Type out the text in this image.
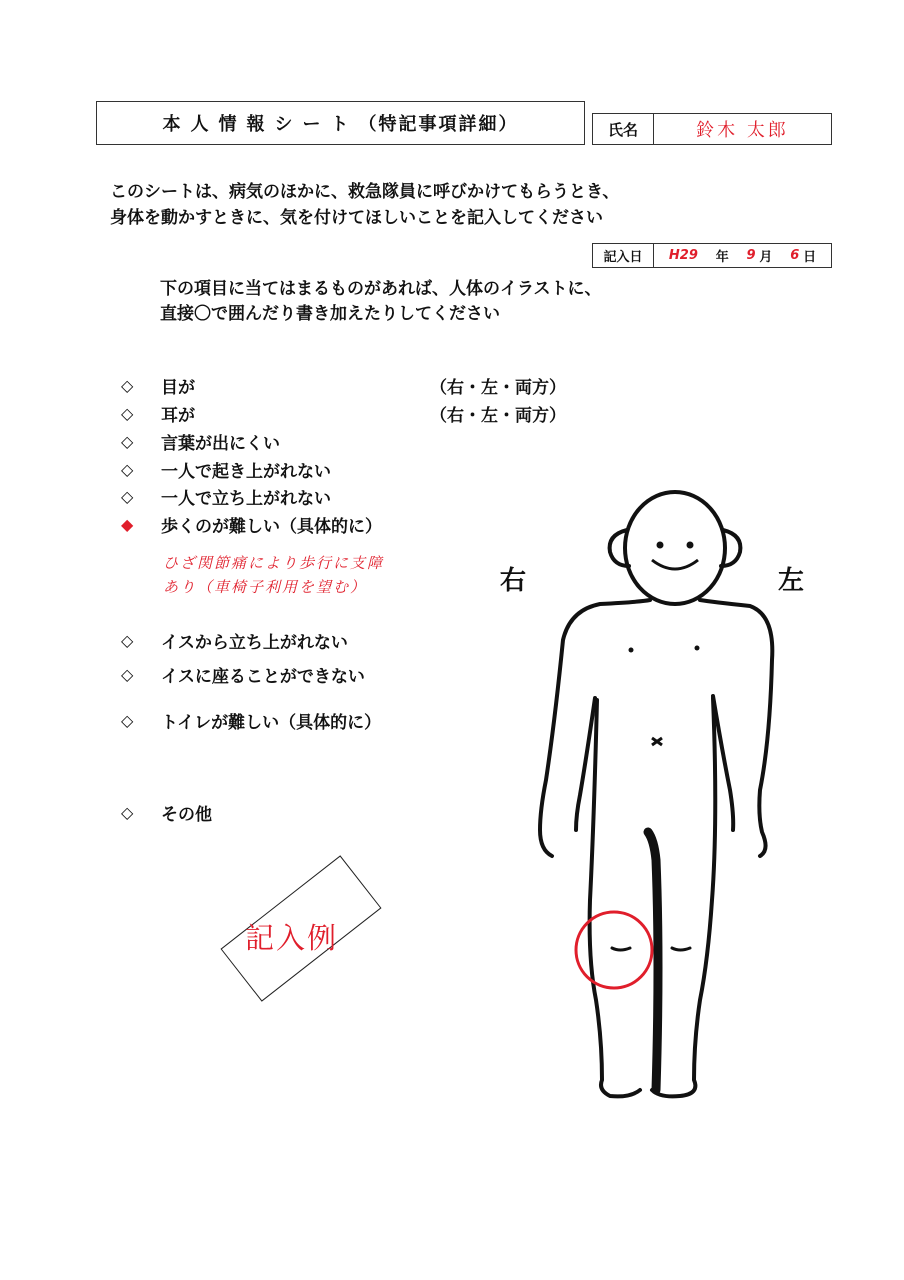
本人情報シート （特記事項詳細）	氏名	鈴木 太郎
このシートは、病気のほかに、救急隊員に呼びかけてもらうとき、
身体を動かすときに、気を付けてほしいことを記入してください
記入日	H29 年 9 月 6 日
下の項目に当てはまるものがあれば、人体のイラストに、
直接〇で囲んだり書き加えたりしてください
◇	目が	（右・左・両方）
◇	耳が	（右・左・両方）
◇	言葉が出にくい
◇	一人で起き上がれない
◇	一人で立ち上がれない
◆	歩くのが難しい（具体的に）
ひざ関節痛により歩行に支障
あり（車椅子利用を望む）
◇	イスから立ち上がれない
◇	イスに座ることができない
◇	トイレが難しい（具体的に）
◇	その他
右	左
記入例
